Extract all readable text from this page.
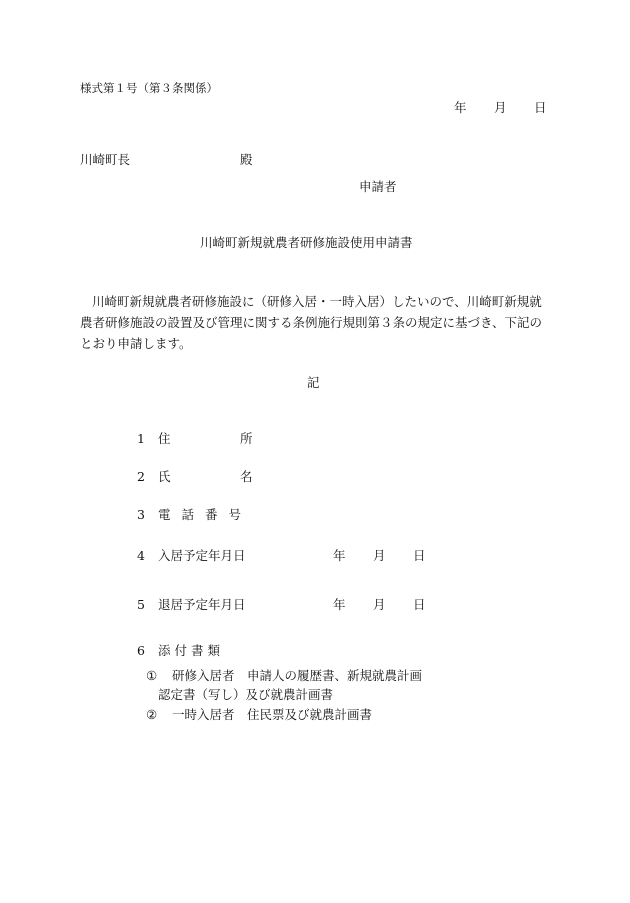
様式第１号（第３条関係）
年 月 日
川崎町長	殿
申請者
川崎町新規就農者研修施設使用申請書
川崎町新規就農者研修施設に（研修入居・一時入居）したいので、川崎町新規就農者研修施設の設置及び管理に関する条例施行規則第３条の規定に基づき、下記のとおり申請します。
記
1 住	所
2 氏	名
3 電話番号
4 入居予定年月日	年 月 日
5 退居予定年月日	年 月 日
6 添付書類
① 研修入居者　申請人の履歴書、新規就農計画
認定書（写し）及び就農計画書
② 一時入居者　住民票及び就農計画書
